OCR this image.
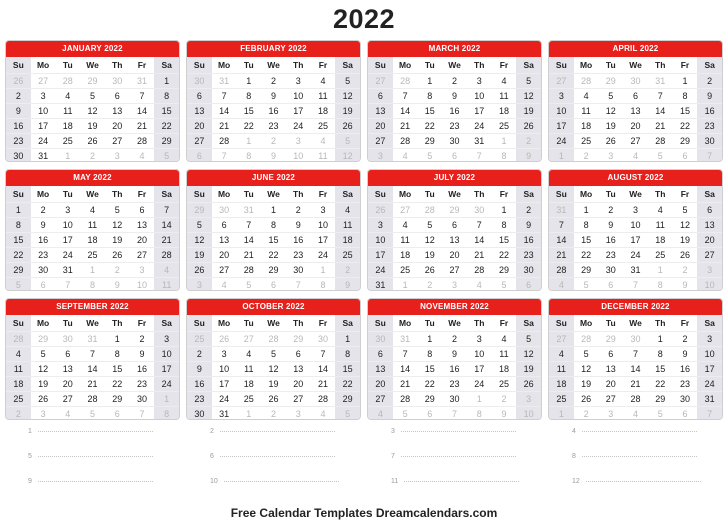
2022
JANUARY 2022
Su	Mo	Tu	We	Th	Fr	Sa
26	27	28	29	30	31	1
2	3	4	5	6	7	8
9	10	11	12	13	14	15
16	17	18	19	20	21	22
23	24	25	26	27	28	29
30	31	1	2	3	4	5
FEBRUARY 2022
Su	Mo	Tu	We	Th	Fr	Sa
30	31	1	2	3	4	5
6	7	8	9	10	11	12
13	14	15	16	17	18	19
20	21	22	23	24	25	26
27	28	1	2	3	4	5
6	7	8	9	10	11	12
MARCH 2022
Su	Mo	Tu	We	Th	Fr	Sa
27	28	1	2	3	4	5
6	7	8	9	10	11	12
13	14	15	16	17	18	19
20	21	22	23	24	25	26
27	28	29	30	31	1	2
3	4	5	6	7	8	9
APRIL 2022
Su	Mo	Tu	We	Th	Fr	Sa
27	28	29	30	31	1	2
3	4	5	6	7	8	9
10	11	12	13	14	15	16
17	18	19	20	21	22	23
24	25	26	27	28	29	30
1	2	3	4	5	6	7
MAY 2022
Su	Mo	Tu	We	Th	Fr	Sa
1	2	3	4	5	6	7
8	9	10	11	12	13	14
15	16	17	18	19	20	21
22	23	24	25	26	27	28
29	30	31	1	2	3	4
5	6	7	8	9	10	11
JUNE 2022
Su	Mo	Tu	We	Th	Fr	Sa
29	30	31	1	2	3	4
5	6	7	8	9	10	11
12	13	14	15	16	17	18
19	20	21	22	23	24	25
26	27	28	29	30	1	2
3	4	5	6	7	8	9
JULY 2022
Su	Mo	Tu	We	Th	Fr	Sa
26	27	28	29	30	1	2
3	4	5	6	7	8	9
10	11	12	13	14	15	16
17	18	19	20	21	22	23
24	25	26	27	28	29	30
31	1	2	3	4	5	6
AUGUST 2022
Su	Mo	Tu	We	Th	Fr	Sa
31	1	2	3	4	5	6
7	8	9	10	11	12	13
14	15	16	17	18	19	20
21	22	23	24	25	26	27
28	29	30	31	1	2	3
4	5	6	7	8	9	10
SEPTEMBER 2022
Su	Mo	Tu	We	Th	Fr	Sa
28	29	30	31	1	2	3
4	5	6	7	8	9	10
11	12	13	14	15	16	17
18	19	20	21	22	23	24
25	26	27	28	29	30	1
2	3	4	5	6	7	8
OCTOBER 2022
Su	Mo	Tu	We	Th	Fr	Sa
25	26	27	28	29	30	1
2	3	4	5	6	7	8
9	10	11	12	13	14	15
16	17	18	19	20	21	22
23	24	25	26	27	28	29
30	31	1	2	3	4	5
NOVEMBER 2022
Su	Mo	Tu	We	Th	Fr	Sa
30	31	1	2	3	4	5
6	7	8	9	10	11	12
13	14	15	16	17	18	19
20	21	22	23	24	25	26
27	28	29	30	1	2	3
4	5	6	7	8	9	10
DECEMBER 2022
Su	Mo	Tu	We	Th	Fr	Sa
27	28	29	30	1	2	3
4	5	6	7	8	9	10
11	12	13	14	15	16	17
18	19	20	21	22	23	24
25	26	27	28	29	30	31
1	2	3	4	5	6	7
1	2	3	4
5	6	7	8
9	10	11	12
Free Calendar Templates Dreamcalendars.com
